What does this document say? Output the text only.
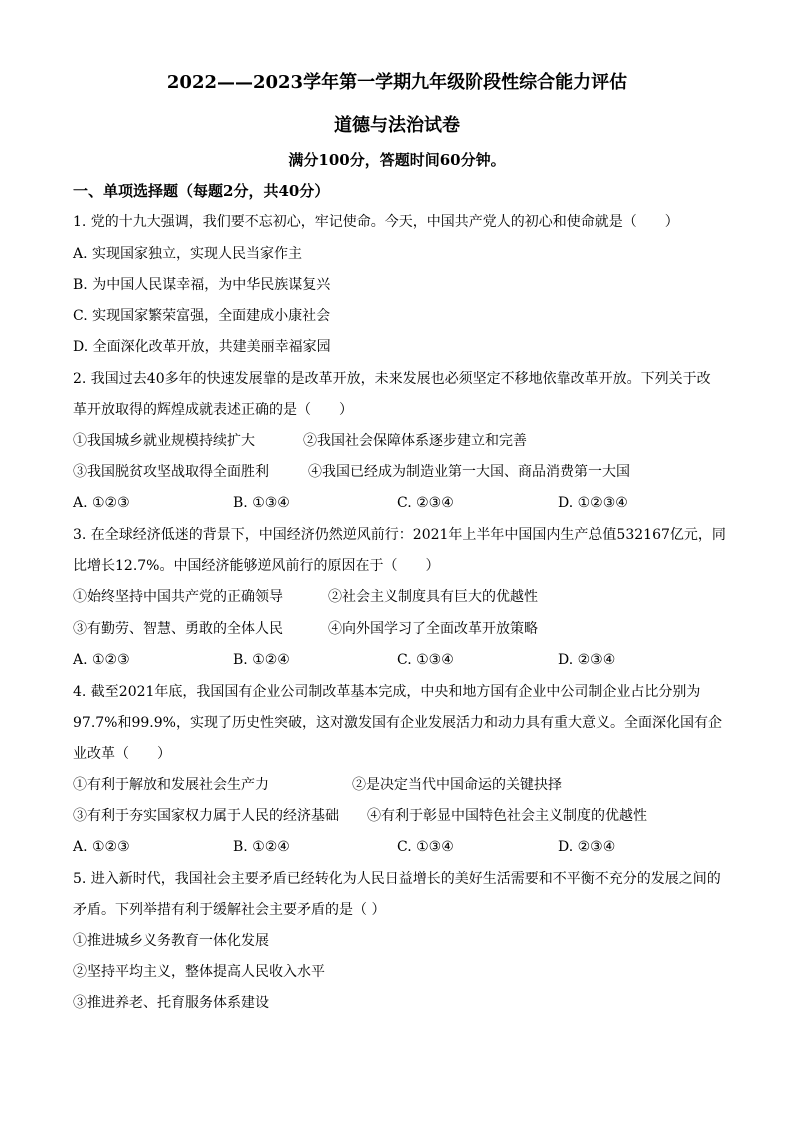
2022——2023学年第一学期九年级阶段性综合能力评估
道德与法治试卷
满分100分，答题时间60分钟。
一、单项选择题（每题2分，共40分）
1. 党的十九大强调，我们要不忘初心，牢记使命。今天，中国共产党人的初心和使命就是（　　）
A. 实现国家独立，实现人民当家作主
B. 为中国人民谋幸福，为中华民族谋复兴
C. 实现国家繁荣富强，全面建成小康社会
D. 全面深化改革开放，共建美丽幸福家园
2. 我国过去40多年的快速发展靠的是改革开放，未来发展也必须坚定不移地依靠改革开放。下列关于改
革开放取得的辉煌成就表述正确的是（　　）
①我国城乡就业规模持续扩大	②我国社会保障体系逐步建立和完善
③我国脱贫攻坚战取得全面胜利	④我国已经成为制造业第一大国、商品消费第一大国
A. ①②③	B. ①③④	C. ②③④	D. ①②③④
3. 在全球经济低迷的背景下，中国经济仍然逆风前行：2021年上半年中国国内生产总值532167亿元，同
比增长12.7%。中国经济能够逆风前行的原因在于（　　）
①始终坚持中国共产党的正确领导	②社会主义制度具有巨大的优越性
③有勤劳、智慧、勇敢的全体人民	④向外国学习了全面改革开放策略
A. ①②③	B. ①②④	C. ①③④	D. ②③④
4. 截至2021年底，我国国有企业公司制改革基本完成，中央和地方国有企业中公司制企业占比分别为
97.7%和99.9%，实现了历史性突破，这对激发国有企业发展活力和动力具有重大意义。全面深化国有企
业改革（　　）
①有利于解放和发展社会生产力	②是决定当代中国命运的关键抉择
③有利于夯实国家权力属于人民的经济基础 ④有利于彰显中国特色社会主义制度的优越性
A. ①②③	B. ①②④	C. ①③④	D. ②③④
5. 进入新时代，我国社会主要矛盾已经转化为人民日益增长的美好生活需要和不平衡不充分的发展之间的
矛盾。下列举措有利于缓解社会主要矛盾的是（ ）
①推进城乡义务教育一体化发展
②坚持平均主义，整体提高人民收入水平
③推进养老、托育服务体系建设
